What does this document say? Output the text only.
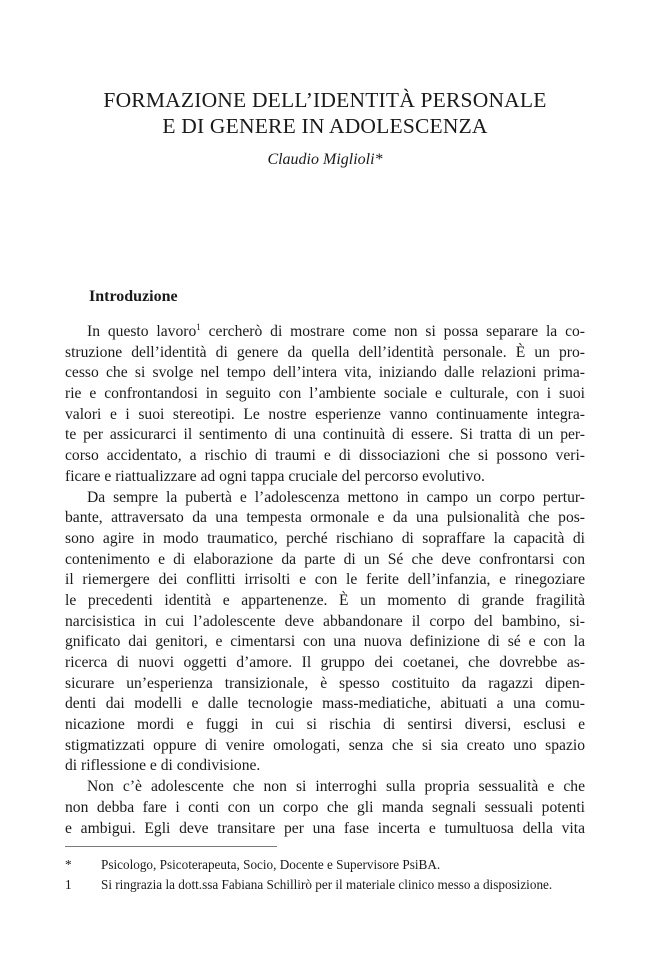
FORMAZIONE DELL’IDENTITÀ PERSONALE
E DI GENERE IN ADOLESCENZA
Claudio Miglioli*
Introduzione
In questo lavoro$^1$ cercherò di mostrare come non si possa separare la co-
struzione dell’identità di genere da quella dell’identità personale. È un pro-
cesso che si svolge nel tempo dell’intera vita, iniziando dalle relazioni prima-
rie e confrontandosi in seguito con l’ambiente sociale e culturale, con i suoi
valori e i suoi stereotipi. Le nostre esperienze vanno continuamente integra-
te per assicurarci il sentimento di una continuità di essere. Si tratta di un per-
corso accidentato, a rischio di traumi e di dissociazioni che si possono veri-
ficare e riattualizzare ad ogni tappa cruciale del percorso evolutivo.
Da sempre la pubertà e l’adolescenza mettono in campo un corpo pertur-
bante, attraversato da una tempesta ormonale e da una pulsionalità che pos-
sono agire in modo traumatico, perché rischiano di sopraffare la capacità di
contenimento e di elaborazione da parte di un Sé che deve confrontarsi con
il riemergere dei conflitti irrisolti e con le ferite dell’infanzia, e rinegoziare
le precedenti identità e appartenenze. È un momento di grande fragilità
narcisistica in cui l’adolescente deve abbandonare il corpo del bambino, si-
gnificato dai genitori, e cimentarsi con una nuova definizione di sé e con la
ricerca di nuovi oggetti d’amore. Il gruppo dei coetanei, che dovrebbe as-
sicurare un’esperienza transizionale, è spesso costituito da ragazzi dipen-
denti dai modelli e dalle tecnologie mass-mediatiche, abituati a una comu-
nicazione mordi e fuggi in cui si rischia di sentirsi diversi, esclusi e
stigmatizzati oppure di venire omologati, senza che si sia creato uno spazio
di riflessione e di condivisione.
Non c’è adolescente che non si interroghi sulla propria sessualità e che
non debba fare i conti con un corpo che gli manda segnali sessuali potenti
e ambigui. Egli deve transitare per una fase incerta e tumultuosa della vita
*	Psicologo, Psicoterapeuta, Socio, Docente e Supervisore PsiBA.
1	Si ringrazia la dott.ssa Fabiana Schillirò per il materiale clinico messo a disposizione.
